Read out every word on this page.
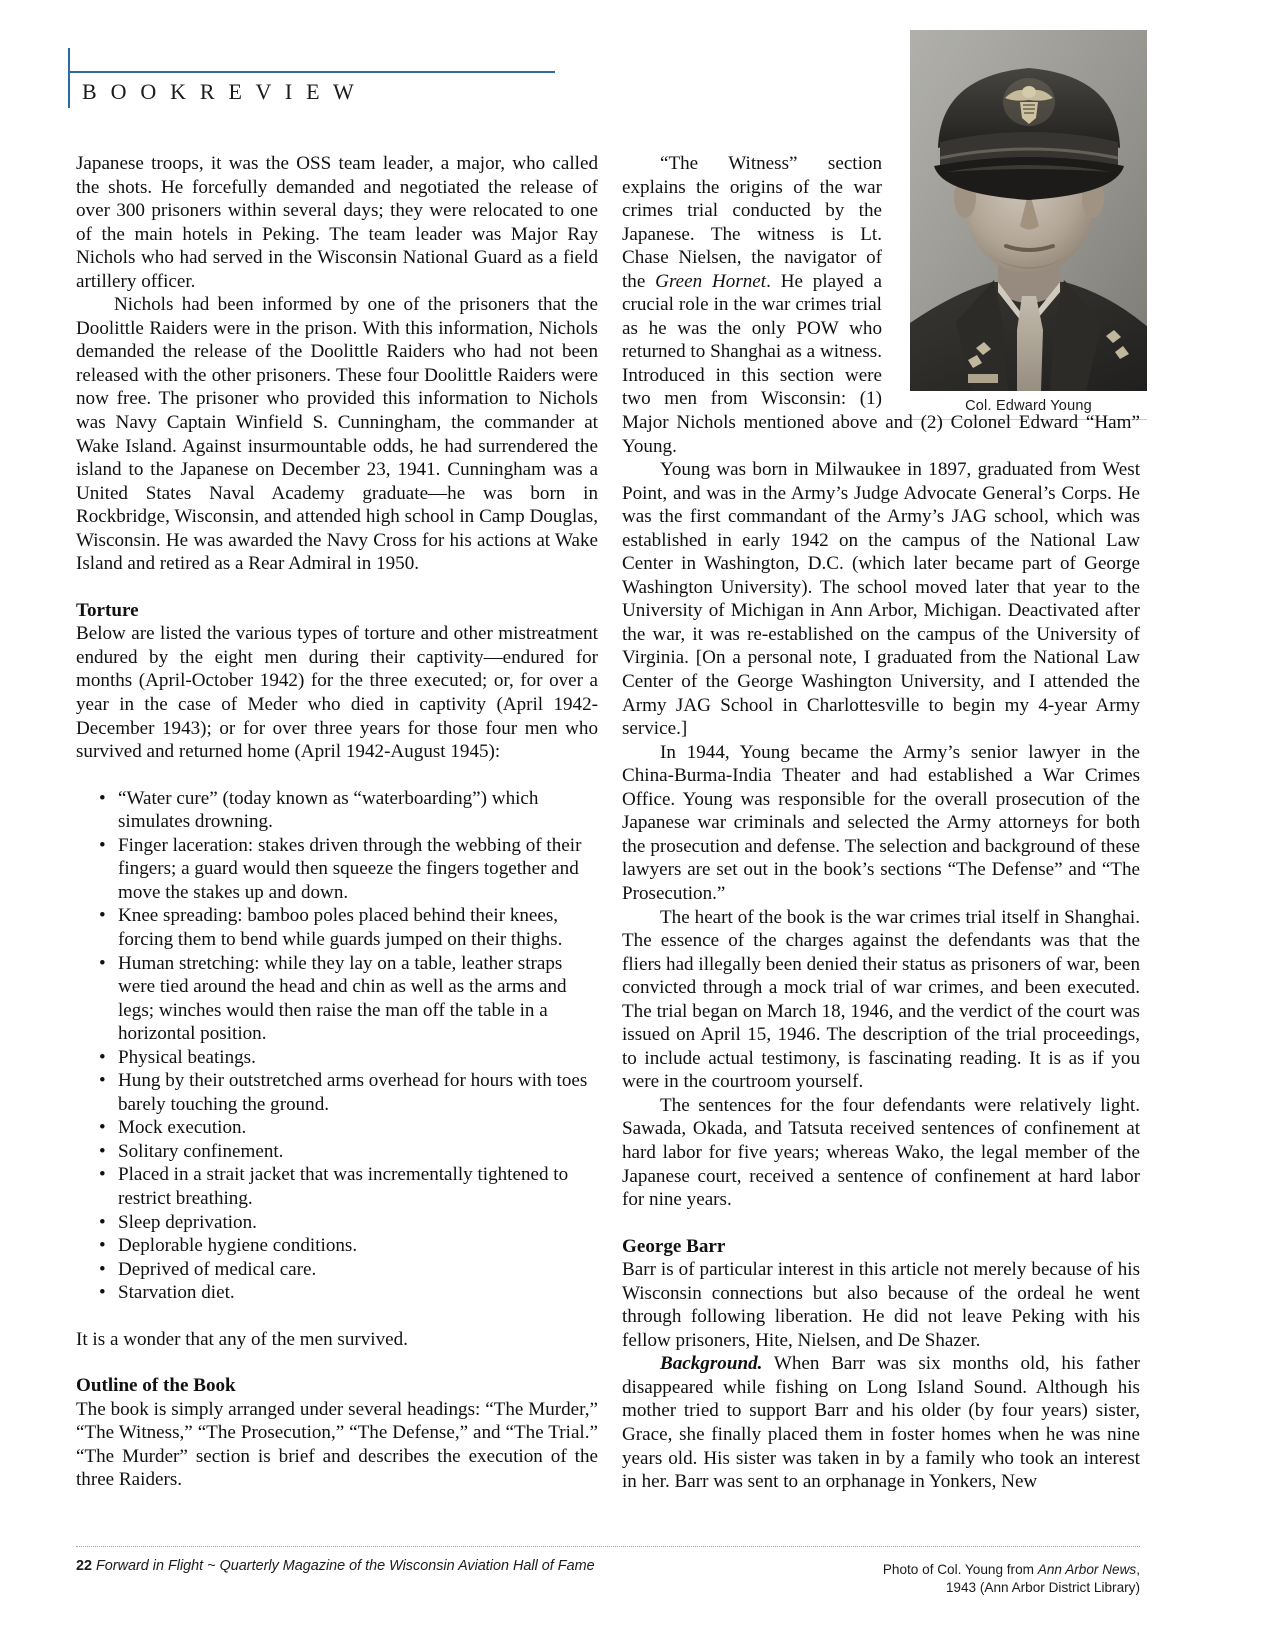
B O O K R E V I E W
Col. Edward Young

Japanese troops, it was the OSS team leader, a major, who called the shots. He forcefully demanded and negotiated the release of over 300 prisoners within several days; they were relocated to one of the main hotels in Peking. The team leader was Major Ray Nichols who had served in the Wisconsin National Guard as a field artillery officer.

Nichols had been informed by one of the prisoners that the Doolittle Raiders were in the prison. With this information, Nichols demanded the release of the Doolittle Raiders who had not been released with the other prisoners. These four Doolittle Raiders were now free. The prisoner who provided this information to Nichols was Navy Captain Winfield S. Cunningham, the commander at Wake Island. Against insurmountable odds, he had surrendered the island to the Japanese on December 23, 1941. Cunningham was a United States Naval Academy graduate—he was born in Rockbridge, Wisconsin, and attended high school in Camp Douglas, Wisconsin. He was awarded the Navy Cross for his actions at Wake Island and retired as a Rear Admiral in 1950.

Torture

Below are listed the various types of torture and other mistreatment endured by the eight men during their captivity—endured for months (April-October 1942) for the three executed; or, for over a year in the case of Meder who died in captivity (April 1942-December 1943); or for over three years for those four men who survived and returned home (April 1942-August 1945):

• “Water cure” (today known as “waterboarding”) which simulates drowning.
• Finger laceration: stakes driven through the webbing of their fingers; a guard would then squeeze the fingers together and move the stakes up and down.
• Knee spreading: bamboo poles placed behind their knees, forcing them to bend while guards jumped on their thighs.
• Human stretching: while they lay on a table, leather straps were tied around the head and chin as well as the arms and legs; winches would then raise the man off the table in a horizontal position.
• Physical beatings.
• Hung by their outstretched arms overhead for hours with toes barely touching the ground.
• Mock execution.
• Solitary confinement.
• Placed in a strait jacket that was incrementally tightened to restrict breathing.
• Sleep deprivation.
• Deplorable hygiene conditions.
• Deprived of medical care.
• Starvation diet.

It is a wonder that any of the men survived.

Outline of the Book

The book is simply arranged under several headings: “The Murder,” “The Witness,” “The Prosecution,” “The Defense,” and “The Trial.” “The Murder” section is brief and describes the execution of the three Raiders.

“The Witness” section explains the origins of the war crimes trial conducted by the Japanese. The witness is Lt. Chase Nielsen, the navigator of the Green Hornet. He played a crucial role in the war crimes trial as he was the only POW who returned to Shanghai as a witness. Introduced in this section were two men from Wisconsin: (1) Major Nichols mentioned above and (2) Colonel Edward “Ham” Young.

Young was born in Milwaukee in 1897, graduated from West Point, and was in the Army’s Judge Advocate General’s Corps. He was the first commandant of the Army’s JAG school, which was established in early 1942 on the campus of the National Law Center in Washington, D.C. (which later became part of George Washington University). The school moved later that year to the University of Michigan in Ann Arbor, Michigan. Deactivated after the war, it was re-established on the campus of the University of Virginia. [On a personal note, I graduated from the National Law Center of the George Washington University, and I attended the Army JAG School in Charlottesville to begin my 4-year Army service.]

In 1944, Young became the Army’s senior lawyer in the China-Burma-India Theater and had established a War Crimes Office. Young was responsible for the overall prosecution of the Japanese war criminals and selected the Army attorneys for both the prosecution and defense. The selection and background of these lawyers are set out in the book’s sections “The Defense” and “The Prosecution.”

The heart of the book is the war crimes trial itself in Shanghai. The essence of the charges against the defendants was that the fliers had illegally been denied their status as prisoners of war, been convicted through a mock trial of war crimes, and been executed. The trial began on March 18, 1946, and the verdict of the court was issued on April 15, 1946. The description of the trial proceedings, to include actual testimony, is fascinating reading. It is as if you were in the courtroom yourself.

The sentences for the four defendants were relatively light. Sawada, Okada, and Tatsuta received sentences of confinement at hard labor for five years; whereas Wako, the legal member of the Japanese court, received a sentence of confinement at hard labor for nine years.

George Barr

Barr is of particular interest in this article not merely because of his Wisconsin connections but also because of the ordeal he went through following liberation. He did not leave Peking with his fellow prisoners, Hite, Nielsen, and De Shazer.

Background. When Barr was six months old, his father disappeared while fishing on Long Island Sound. Although his mother tried to support Barr and his older (by four years) sister, Grace, she finally placed them in foster homes when he was nine years old. His sister was taken in by a family who took an interest in her. Barr was sent to an orphanage in Yonkers, New

22 Forward in Flight ~ Quarterly Magazine of the Wisconsin Aviation Hall of Fame	Photo of Col. Young from Ann Arbor News,
1943 (Ann Arbor District Library)
